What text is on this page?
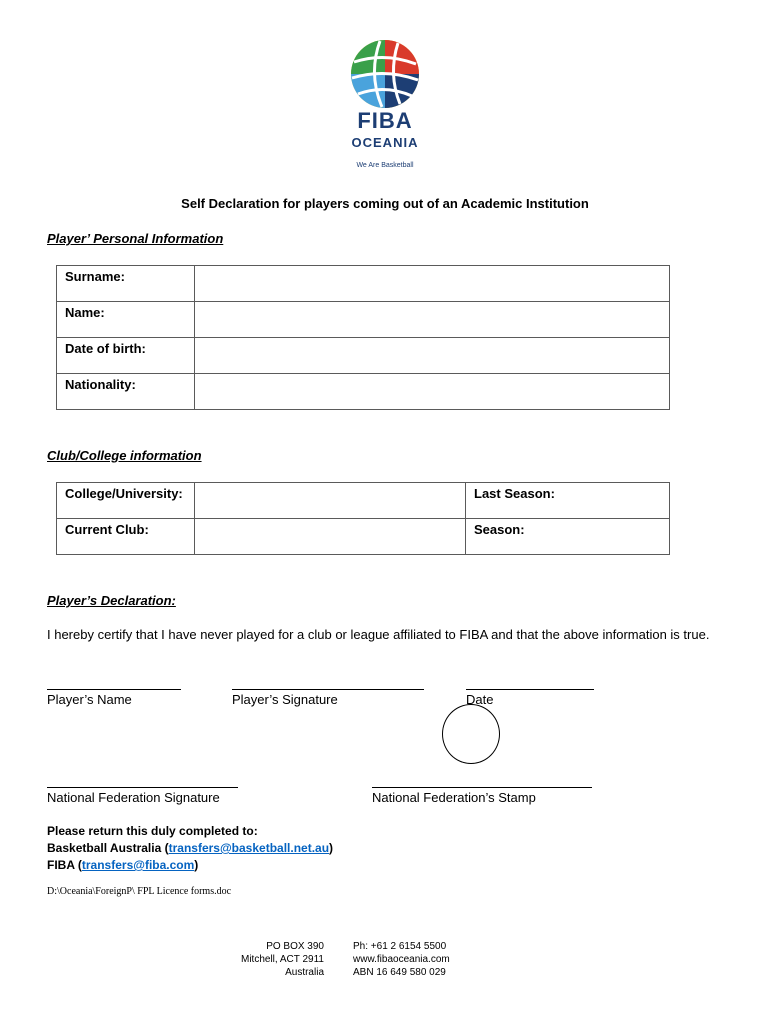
FIBA
OCEANIA
We Are Basketball
Self Declaration for players coming out of an Academic Institution
Player’ Personal Information
Surname:	
Name:	
Date of birth:	
Nationality:	
Club/College information
College/University:		Last Season:
Current Club:		Season:
Player’s Declaration:
I hereby certify that I have never played for a club or league affiliated to FIBA and that the above information is true.
Player’s Name	Player’s Signature	Date
National Federation Signature	National Federation’s Stamp
Please return this duly completed to:
Basketball Australia (transfers@basketball.net.au)
FIBA (transfers@fiba.com)
D:\Oceania\ForeignP\ FPL Licence forms.doc
PO BOX 390
Mitchell, ACT 2911
Australia
Ph: +61 2 6154 5500
www.fibaoceania.com
ABN 16 649 580 029
